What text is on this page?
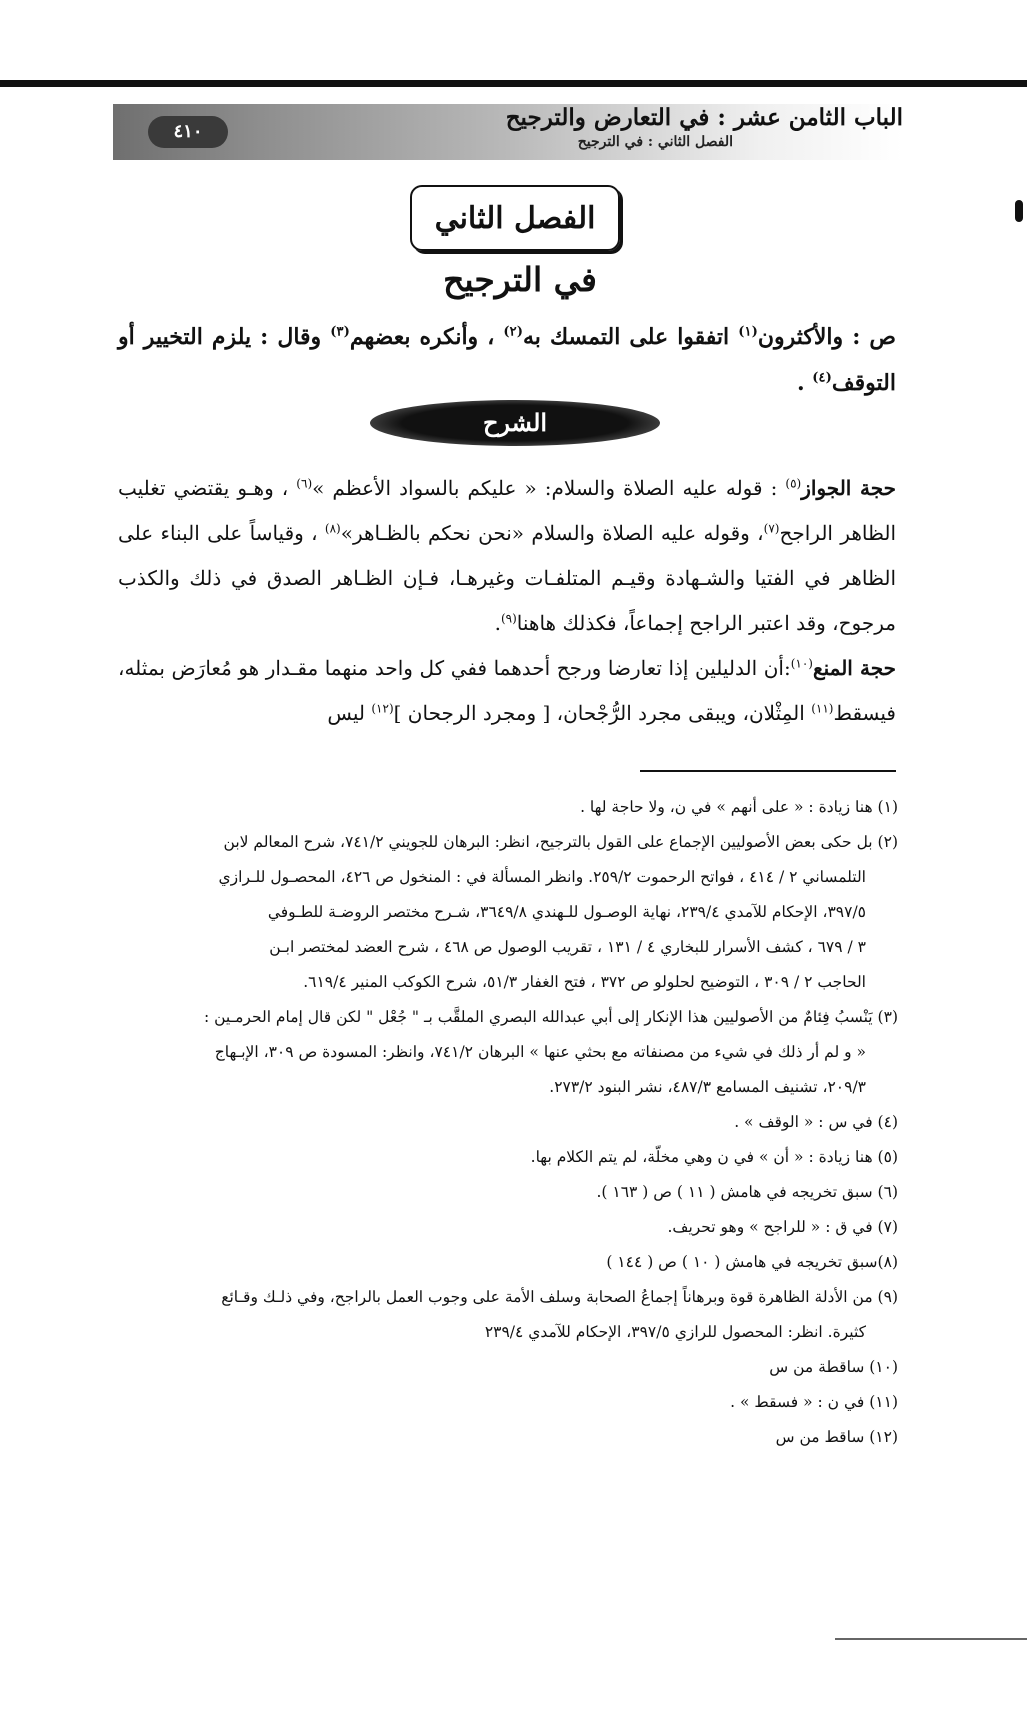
الباب الثامن عشر : في التعارض والترجيح
الفصل الثاني : في الترجيح
٤١٠
الفصل الثاني
في الترجيح
ص : والأكثرون$^{(١)}$ اتفقوا على التمسك به$^{(٢)}$ ، وأنكره بعضهم$^{(٣)}$ وقال : يلزم التخيير أو التوقف$^{(٤)}$ .
الشرح

حجة الجواز$^{(٥)}$ : قوله عليه الصلاة والسلام: « عليكم بالسواد الأعظم »$^{(٦)}$ ، وهـو يقتضي تغليب الظاهر الراجح$^{(٧)}$، وقوله عليه الصلاة والسلام «نحن نحكم بالظـاهر»$^{(٨)}$ ، وقياساً على البناء على الظاهر في الفتيا والشـهادة وقيـم المتلفـات وغيرهـا، فـإن الظـاهر الصدق في ذلك والكذب مرجوح، وقد اعتبر الراجح إجماعاً، فكذلك هاهنا$^{(٩)}$.

حجة المنع$^{(١٠)}$:أن الدليلين إذا تعارضا ورجح أحدهما ففي كل واحد منهما مقـدار هو مُعارَض بمثله، فيسقط$^{(١١)}$ المِثْلان، ويبقى مجرد الرُّجْحان، [ ومجرد الرجحان ]$^{(١٢)}$ ليس

(١) هنا زيادة : « على أنهم » في ن، ولا حاجة لها .
(٢) بل حكى بعض الأصوليين الإجماع على القول بالترجيح، انظر: البرهان للجويني ٧٤١/٢، شرح المعالم لابن
التلمساني ٢ / ٤١٤ ، فواتح الرحموت ٢٥٩/٢. وانظر المسألة في : المنخول ص ٤٢٦، المحصـول للـرازي
٣٩٧/٥، الإحكام للآمدي ٢٣٩/٤، نهاية الوصـول للـهندي ٣٦٤٩/٨، شـرح مختصر الروضـة للطـوفي
٣ / ٦٧٩ ، كشف الأسرار للبخاري ٤ / ١٣١ ، تقريب الوصول ص ٤٦٨ ، شرح العضد لمختصر ابـن
الحاجب ٢ / ٣٠٩ ، التوضيح لحلولو ص ٣٧٢ ، فتح الغفار ٥١/٣، شرح الكوكب المنير ٦١٩/٤.
(٣) يَنْسبُ فِئامٌ من الأصوليين هذا الإنكار إلى أبي عبدالله البصري الملقَّب بـ " جُعْل " لكن قال إمام الحرمـين :
« و لم أر ذلك في شيء من مصنفاته مع بحثي عنها » البرهان ٧٤١/٢، وانظر: المسودة ص ٣٠٩، الإبـهاج
٢٠٩/٣، تشنيف المسامع ٤٨٧/٣، نشر البنود ٢٧٣/٢.
(٤) في س : « الوقف » .
(٥) هنا زيادة : « أن » في ن وهي مخلّة، لم يتم الكلام بها.
(٦) سبق تخريجه في هامش ( ١١ ) ص ( ١٦٣ ).
(٧) في ق : « للراجح » وهو تحريف.
(٨)سبق تخريجه في هامش ( ١٠ ) ص ( ١٤٤ )
(٩) من الأدلة الظاهرة قوة وبرهاناً إجماعُ الصحابة وسلف الأمة على وجوب العمل بالراجح، وفي ذلـك وقـائع
كثيرة. انظر: المحصول للرازي ٣٩٧/٥، الإحكام للآمدي ٢٣٩/٤
(١٠) ساقطة من س
(١١) في ن : « فسقط » .
(١٢) ساقط من س
